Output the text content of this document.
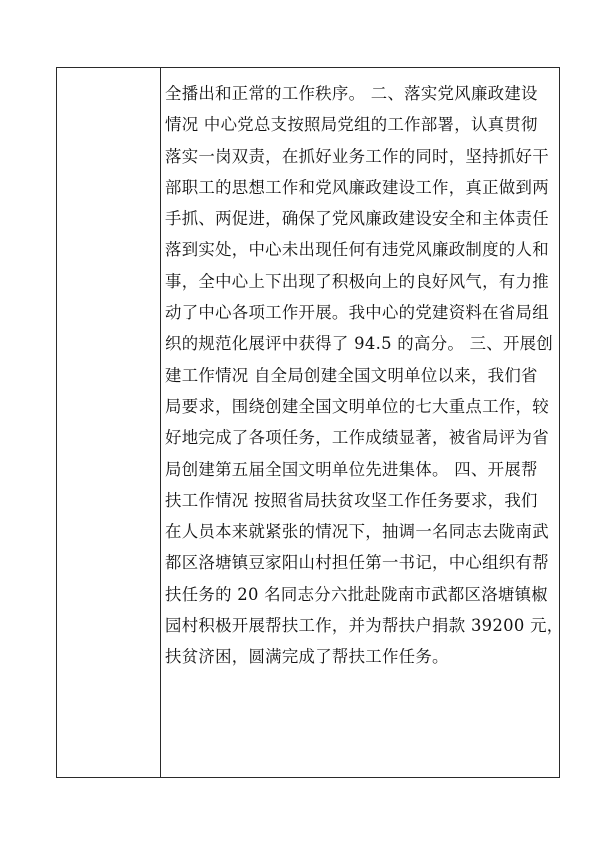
全播出和正常的工作秩序。 二、落实党风廉政建设
情况 中心党总支按照局党组的工作部署，认真贯彻
落实一岗双责，在抓好业务工作的同时，坚持抓好干
部职工的思想工作和党风廉政建设工作，真正做到两
手抓、两促进，确保了党风廉政建设安全和主体责任
落到实处，中心未出现任何有违党风廉政制度的人和
事，全中心上下出现了积极向上的良好风气，有力推
动了中心各项工作开展。我中心的党建资料在省局组
织的规范化展评中获得了 94.5 的高分。 三、开展创
建工作情况 自全局创建全国文明单位以来，我们省
局要求，围绕创建全国文明单位的七大重点工作，较
好地完成了各项任务，工作成绩显著，被省局评为省
局创建第五届全国文明单位先进集体。 四、开展帮
扶工作情况 按照省局扶贫攻坚工作任务要求，我们
在人员本来就紧张的情况下，抽调一名同志去陇南武
都区洛塘镇豆家阳山村担任第一书记，中心组织有帮
扶任务的 20 名同志分六批赴陇南市武都区洛塘镇椒
园村积极开展帮扶工作，并为帮扶户捐款 39200 元，
扶贫济困，圆满完成了帮扶工作任务。
